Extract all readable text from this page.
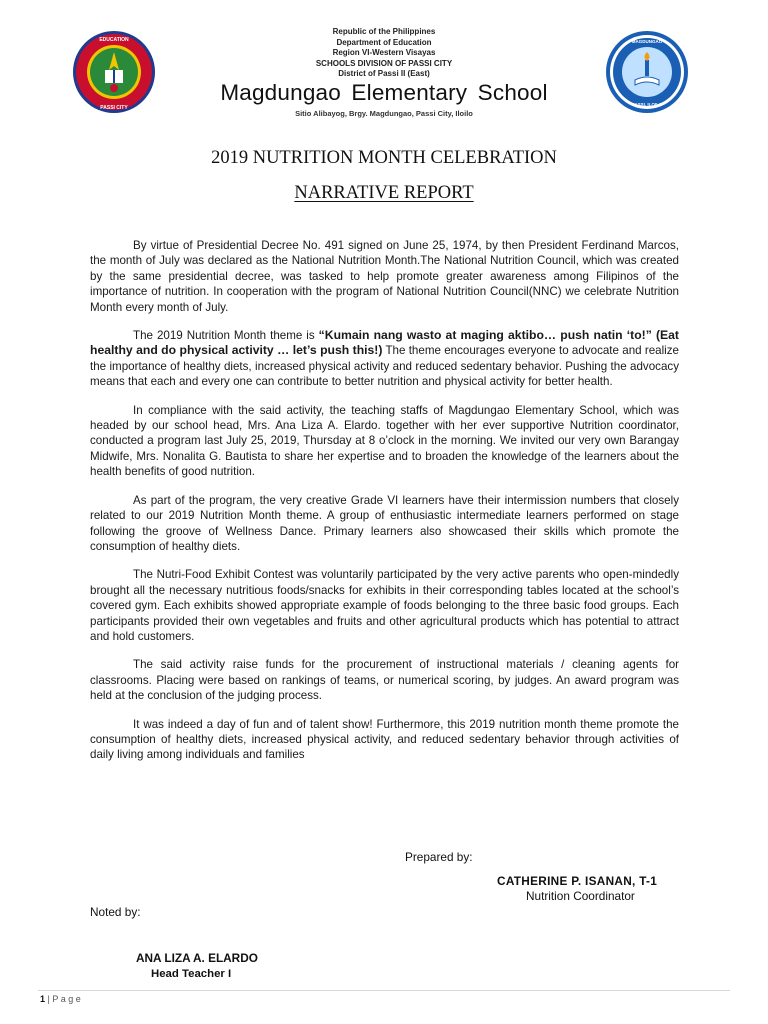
EDUCATION
PASSI CITY
MAGDUNGAO
PASSI, ILOILO
Republic of the Philippines
Department of Education
Region VI-Western Visayas
SCHOOLS DIVISION OF PASSI CITY
District of Passi II (East)
Magdungao Elementary School
Sitio Alibayog, Brgy. Magdungao, Passi City, Iloilo
2019 NUTRITION MONTH CELEBRATION
NARRATIVE REPORT

By virtue of Presidential Decree No. 491 signed on June 25, 1974, by then President Ferdinand Marcos, the month of July was declared as the National Nutrition Month.The National Nutrition Council, which was created by the same presidential decree, was tasked to help promote greater awareness among Filipinos of the importance of nutrition. In cooperation with the program of National Nutrition Council(NNC) we celebrate Nutrition Month every month of July.

The 2019 Nutrition Month theme is “Kumain nang wasto at maging aktibo… push natin ‘to!” (Eat healthy and do physical activity … let’s push this!) The theme encourages everyone to advocate and realize the importance of healthy diets, increased physical activity and reduced sedentary behavior. Pushing the advocacy means that each and every one can contribute to better nutrition and physical activity for better health.

In compliance with the said activity, the teaching staffs of Magdungao Elementary School, which was headed by our school head, Mrs. Ana Liza A. Elardo. together with her ever supportive Nutrition coordinator, conducted a program last July 25, 2019, Thursday at 8 o’clock in the morning. We invited our very own Barangay Midwife, Mrs. Nonalita G. Bautista to share her expertise and to broaden the knowledge of the learners about the health benefits of good nutrition.

As part of the program, the very creative Grade VI learners have their intermission numbers that closely related to our 2019 Nutrition Month theme. A group of enthusiastic intermediate learners performed on stage following the groove of Wellness Dance. Primary learners also showcased their skills which promote the consumption of healthy diets.

The Nutri-Food Exhibit Contest was voluntarily participated by the very active parents who open-mindedly brought all the necessary nutritious foods/snacks for exhibits in their corresponding tables located at the school’s covered gym. Each exhibits showed appropriate example of foods belonging to the three basic food groups. Each participants provided their own vegetables and fruits and other agricultural products which has potential to attract and hold customers.

The said activity raise funds for the procurement of instructional materials / cleaning agents for classrooms. Placing were based on rankings of teams, or numerical scoring, by judges. An award program was held at the conclusion of the judging process.

It was indeed a day of fun and of talent show! Furthermore, this 2019 nutrition month theme promote the consumption of healthy diets, increased physical activity, and reduced sedentary behavior through activities of daily living among individuals and families

Prepared by:
CATHERINE P. ISANAN, T-1
Nutrition Coordinator
Noted by:
ANA LIZA A. ELARDO
Head Teacher I
1 | P a g e
